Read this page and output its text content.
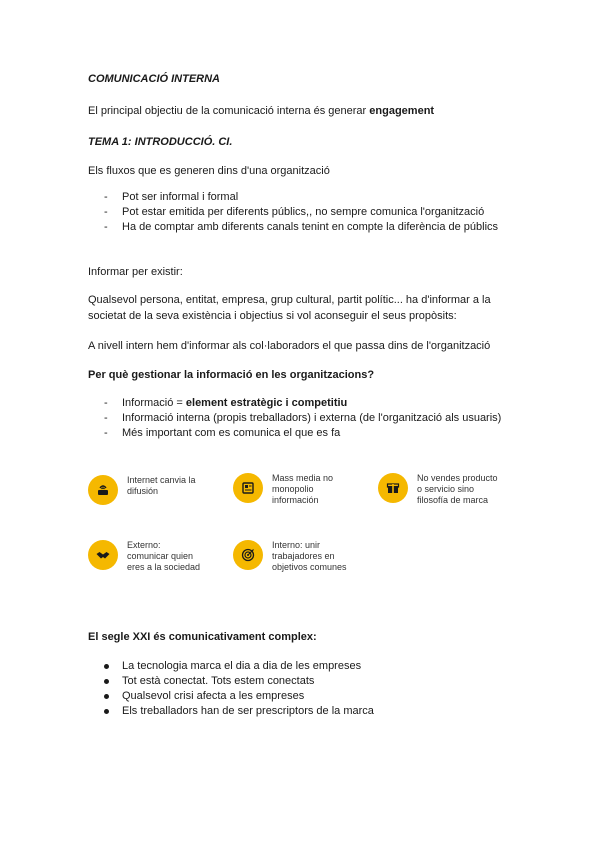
COMUNICACIÓ INTERNA
El principal objectiu de la comunicació interna és generar engagement
TEMA 1: INTRODUCCIÓ. CI.
Els fluxos que es generen dins d'una organització
- Pot ser informal i formal
- Pot estar emitida per diferents públics,, no sempre comunica l'organització
- Ha de comptar amb diferents canals tenint en compte la diferència de públics
Informar per existir:
Qualsevol persona, entitat, empresa, grup cultural, partit polític... ha d'informar a la
societat de la seva existència i objectius si vol aconseguir el seus propòsits:
A nivell intern hem d'informar als col·laboradors el que passa dins de l'organització
Per què gestionar la informació en les organitzacions?
- Informació = element estratègic i competitiu
- Informació interna (propis treballadors) i externa (de l'organització als usuaris)
- Més important com es comunica el que es fa
Internet canvia la
difusión
Mass media no
monopolio
información
No vendes producto
o servicio sino
filosofía de marca
Externo:
comunicar quien
eres a la sociedad
Interno: unir
trabajadores en
objetivos comunes
El segle XXI és comunicativament complex:
La tecnologia marca el dia a dia de les empreses
Tot està conectat. Tots estem conectats
Qualsevol crisi afecta a les empreses
Els treballadors han de ser prescriptors de la marca
